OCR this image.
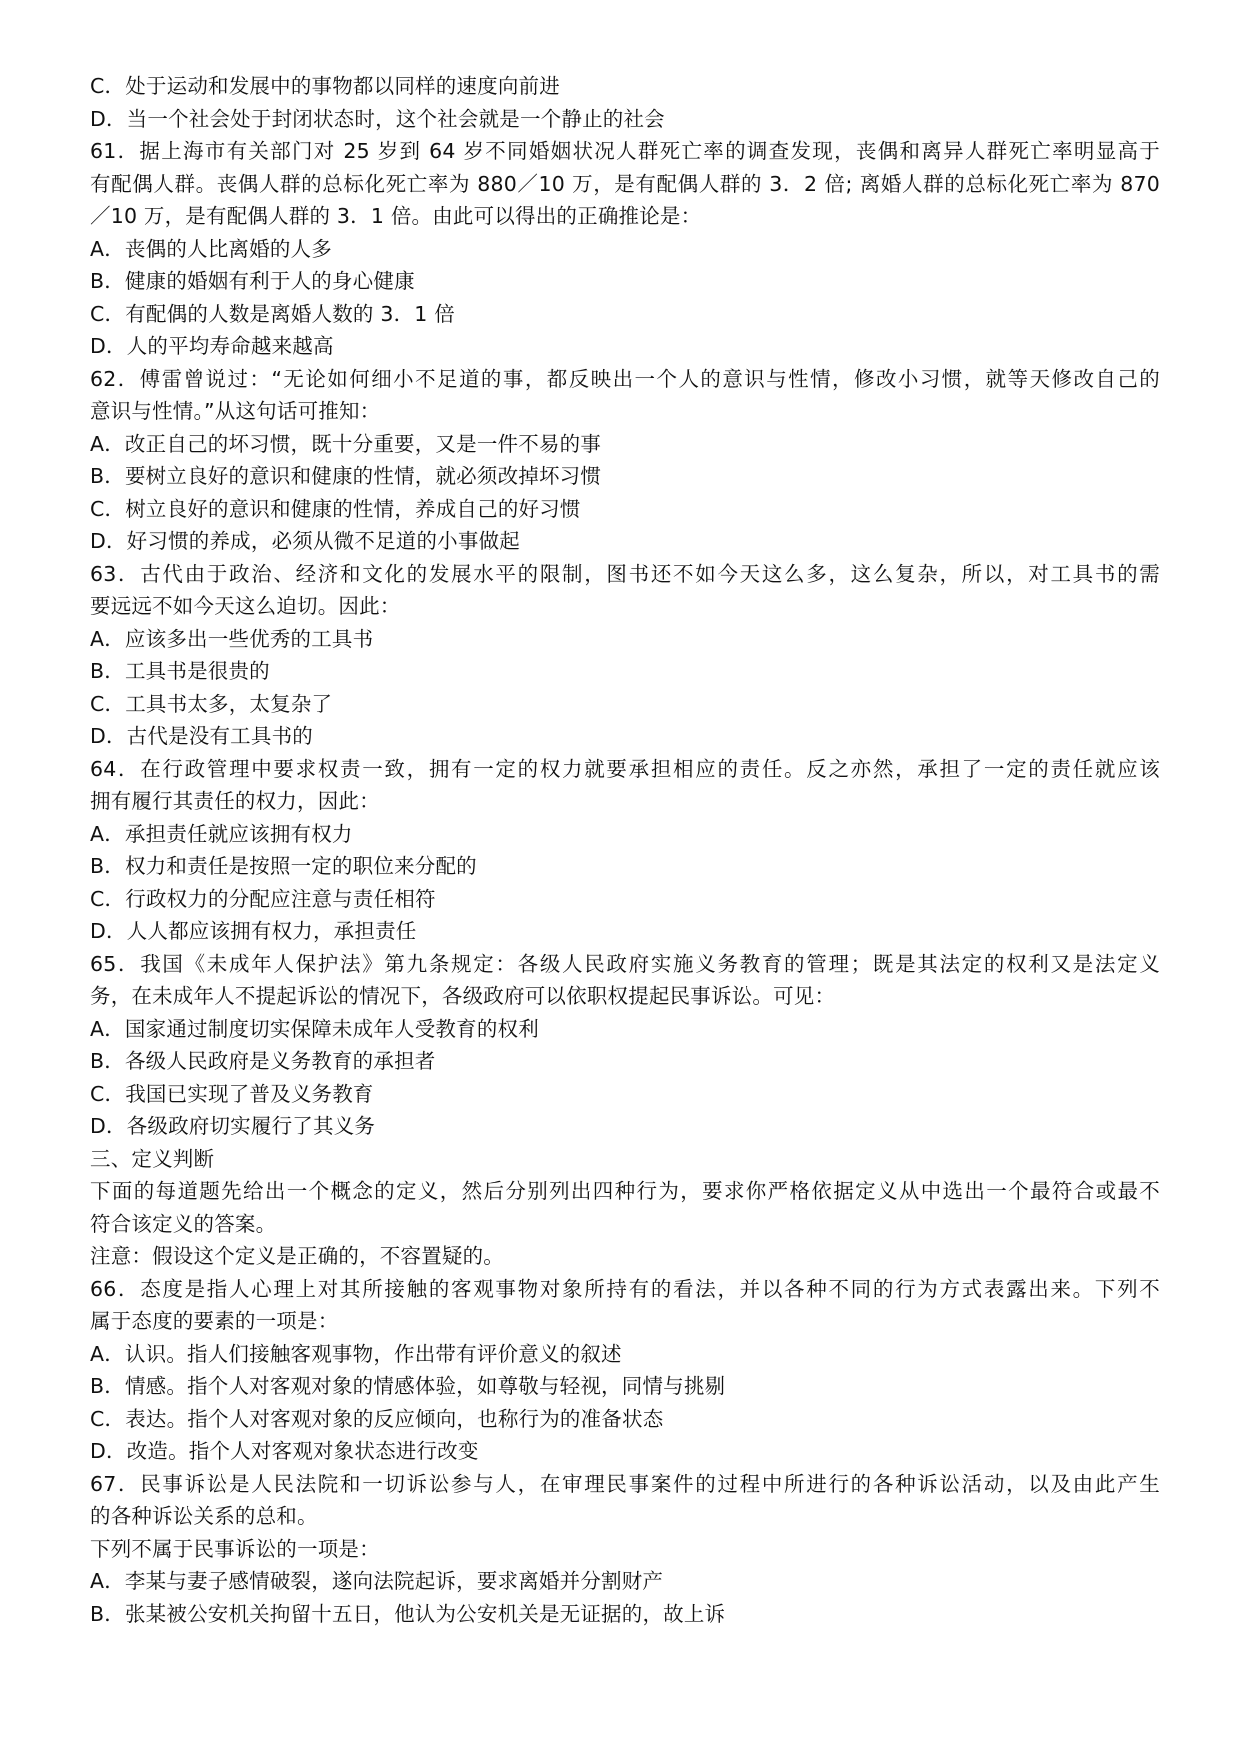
C．处于运动和发展中的事物都以同样的速度向前进

D．当一个社会处于封闭状态时，这个社会就是一个静止的社会

61．据上海市有关部门对 25 岁到 64 岁不同婚姻状况人群死亡率的调查发现，丧偶和离异人群死亡率明显高于

有配偶人群。丧偶人群的总标化死亡率为 880／10 万，是有配偶人群的 3．2 倍; 离婚人群的总标化死亡率为 870

／10 万，是有配偶人群的 3．1 倍。由此可以得出的正确推论是：

A．丧偶的人比离婚的人多

B．健康的婚姻有利于人的身心健康

C．有配偶的人数是离婚人数的 3．1 倍

D．人的平均寿命越来越高

62．傅雷曾说过：“无论如何细小不足道的事，都反映出一个人的意识与性情，修改小习惯，就等天修改自己的

意识与性情。”从这句话可推知：

A．改正自己的坏习惯，既十分重要，又是一件不易的事

B．要树立良好的意识和健康的性情，就必须改掉坏习惯

C．树立良好的意识和健康的性情，养成自己的好习惯

D．好习惯的养成，必须从微不足道的小事做起

63．古代由于政治、经济和文化的发展水平的限制，图书还不如今天这么多，这么复杂，所以，对工具书的需

要远远不如今天这么迫切。因此：

A．应该多出一些优秀的工具书

B．工具书是很贵的

C．工具书太多，太复杂了

D．古代是没有工具书的

64．在行政管理中要求权责一致，拥有一定的权力就要承担相应的责任。反之亦然，承担了一定的责任就应该

拥有履行其责任的权力，因此：

A．承担责任就应该拥有权力

B．权力和责任是按照一定的职位来分配的

C．行政权力的分配应注意与责任相符

D．人人都应该拥有权力，承担责任

65．我国《未成年人保护法》第九条规定：各级人民政府实施义务教育的管理；既是其法定的权利又是法定义

务，在未成年人不提起诉讼的情况下，各级政府可以依职权提起民事诉讼。可见：

A．国家通过制度切实保障未成年人受教育的权利

B．各级人民政府是义务教育的承担者

C．我国已实现了普及义务教育

D．各级政府切实履行了其义务

三、定义判断

下面的每道题先给出一个概念的定义，然后分别列出四种行为，要求你严格依据定义从中选出一个最符合或最不

符合该定义的答案。

注意：假设这个定义是正确的，不容置疑的。

66．态度是指人心理上对其所接触的客观事物对象所持有的看法，并以各种不同的行为方式表露出来。下列不

属于态度的要素的一项是：

A．认识。指人们接触客观事物，作出带有评价意义的叙述

B．情感。指个人对客观对象的情感体验，如尊敬与轻视，同情与挑剔

C．表达。指个人对客观对象的反应倾向，也称行为的准备状态

D．改造。指个人对客观对象状态进行改变

67．民事诉讼是人民法院和一切诉讼参与人，在审理民事案件的过程中所进行的各种诉讼活动，以及由此产生

的各种诉讼关系的总和。

下列不属于民事诉讼的一项是：

A．李某与妻子感情破裂，遂向法院起诉，要求离婚并分割财产

B．张某被公安机关拘留十五日，他认为公安机关是无证据的，故上诉
